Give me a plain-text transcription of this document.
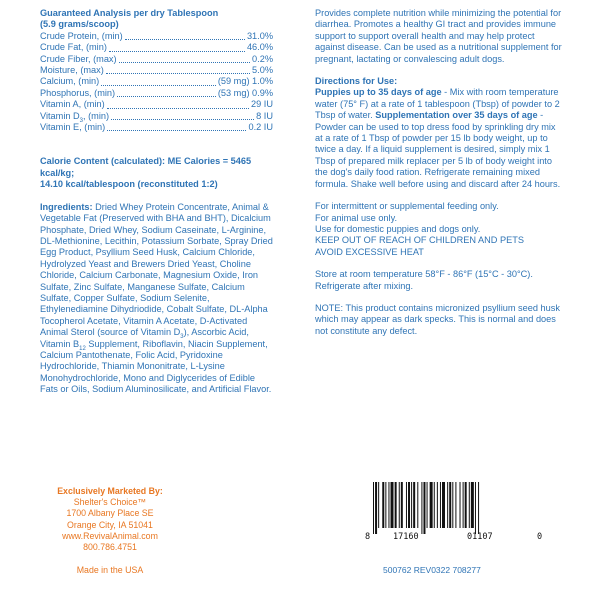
Guaranteed Analysis per dry Tablespoon

(5.9 grams/scoop)

Crude Protein, (min)	31.0%
Crude Fat, (min)	46.0%
Crude Fiber, (max)	0.2%
Moisture, (max)	5.0%
Calcium, (min)	(59 mg) 1.0%
Phosphorus, (min)	(53 mg) 0.9%
Vitamin A, (min)	29 IU
Vitamin $D_3$, (min)	8 IU
Vitamin E, (min)	0.2 IU

Calorie Content (calculated): ME Calories = 5465 kcal/kg;

14.10 kcal/tablespoon (reconstituted 1:2)

Ingredients: Dried Whey Protein Concentrate, Animal & Vegetable Fat (Preserved with BHA and BHT), Dicalcium Phosphate, Dried Whey, Sodium Caseinate, L-Arginine, DL-Methionine, Lecithin, Potassium Sorbate, Spray Dried Egg Product, Psyllium Seed Husk, Calcium Chloride, Hydrolyzed Yeast and Brewers Dried Yeast, Choline Chloride, Calcium Carbonate, Magnesium Oxide, Iron Sulfate, Zinc Sulfate, Manganese Sulfate, Calcium Sulfate, Copper Sulfate, Sodium Selenite, Ethylenediamine Dihydriodide, Cobalt Sulfate, DL-Alpha Tocopherol Acetate, Vitamin A Acetate, D-Activated Animal Sterol (source of Vitamin $D_3$), Ascorbic Acid, Vitamin $B_{12}$ Supplement, Riboflavin, Niacin Supplement, Calcium Pantothenate, Folic Acid, Pyridoxine Hydrochloride, Thiamin Mononitrate, L-Lysine Monohydrochloride, Mono and Diglycerides of Edible Fats or Oils, Sodium Aluminosilicate, and Artificial Flavor.

Exclusively Marketed By:

Shelter's Choice™

1700 Albany Place SE

Orange City, IA 51041

www.RevivalAnimal.com

800.786.4751

Made in the USA

Provides complete nutrition while minimizing the potential for diarrhea. Promotes a healthy GI tract and provides immune support to support overall health and may help protect against disease. Can be used as a nutritional supplement for pregnant, lactating or convalescing adult dogs.

Directions for Use:

Puppies up to 35 days of age - Mix with room temperature water (75° F) at a rate of 1 tablespoon (Tbsp) of powder to 2 Tbsp of water. Supplementation over 35 days of age - Powder can be used to top dress food by sprinkling dry mix at a rate of 1 Tbsp of powder per 15 lb body weight, up to twice a day. If a liquid supplement is desired, simply mix 1 Tbsp of prepared milk replacer per 5 lb of body weight into the dog's daily food ration. Refrigerate remaining mixed formula. Shake well before using and discard after 24 hours.

For intermittent or supplemental feeding only.

For animal use only.

Use for domestic puppies and dogs only.

KEEP OUT OF REACH OF CHILDREN AND PETS

AVOID EXCESSIVE HEAT

Store at room temperature 58°F - 86°F (15°C - 30°C). Refrigerate after mixing.

NOTE: This product contains micronized psyllium seed husk which may appear as dark specks. This is normal and does not constitute any defect.

8	17160	01107	0
500762 REV0322 708277
